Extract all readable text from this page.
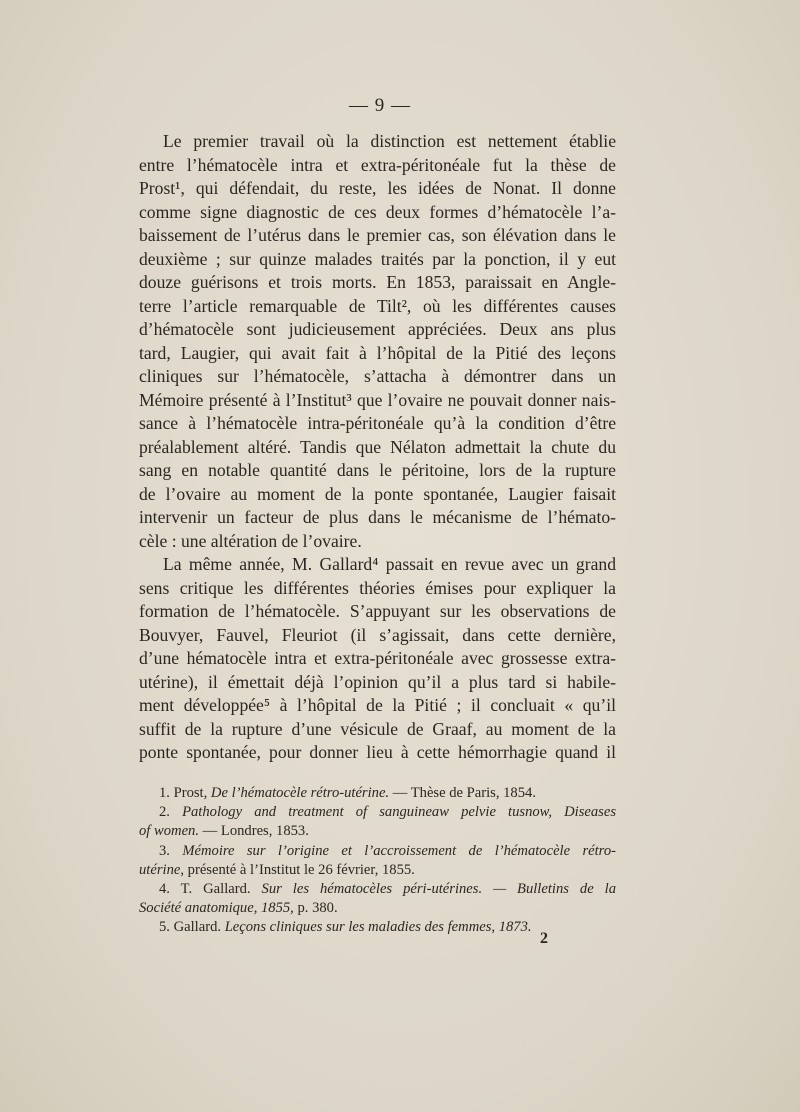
— 9 —
Le premier travail où la distinction est nettement établie
entre l’hématocèle intra et extra-péritonéale fut la thèse de
Prost¹, qui défendait, du reste, les idées de Nonat. Il donne
comme signe diagnostic de ces deux formes d’hématocèle l’a-
baissement de l’utérus dans le premier cas, son élévation dans le
deuxième ; sur quinze malades traités par la ponction, il y eut
douze guérisons et trois morts. En 1853, paraissait en Angle-
terre l’article remarquable de Tilt², où les différentes causes
d’hématocèle sont judicieusement appréciées. Deux ans plus
tard, Laugier, qui avait fait à l’hôpital de la Pitié des leçons
cliniques sur l’hématocèle, s’attacha à démontrer dans un
Mémoire présenté à l’Institut³ que l’ovaire ne pouvait donner nais-
sance à l’hématocèle intra-péritonéale qu’à la condition d’être
préalablement altéré. Tandis que Nélaton admettait la chute du
sang en notable quantité dans le péritoine, lors de la rupture
de l’ovaire au moment de la ponte spontanée, Laugier faisait
intervenir un facteur de plus dans le mécanisme de l’hémato-
cèle : une altération de l’ovaire.
La même année, M. Gallard⁴ passait en revue avec un grand
sens critique les différentes théories émises pour expliquer la
formation de l’hématocèle. S’appuyant sur les observations de
Bouvyer, Fauvel, Fleuriot (il s’agissait, dans cette dernière,
d’une hématocèle intra et extra-péritonéale avec grossesse extra-
utérine), il émettait déjà l’opinion qu’il a plus tard si habile-
ment développée⁵ à l’hôpital de la Pitié ; il concluait « qu’il
suffit de la rupture d’une vésicule de Graaf, au moment de la
ponte spontanée, pour donner lieu à cette hémorrhagie quand il
1. Prost, De l’hématocèle rétro-utérine. — Thèse de Paris, 1854.
2. Pathology and treatment of sanguineaw pelvie tusnow, Diseases
of women. — Londres, 1853.
3. Mémoire sur l’origine et l’accroissement de l’hématocèle rétro-
utérine, présenté à l’Institut le 26 février, 1855.
4. T. Gallard. Sur les hématocèles péri-utérines. — Bulletins de la
Société anatomique, 1855, p. 380.
5. Gallard. Leçons cliniques sur les maladies des femmes, 1873.
2
